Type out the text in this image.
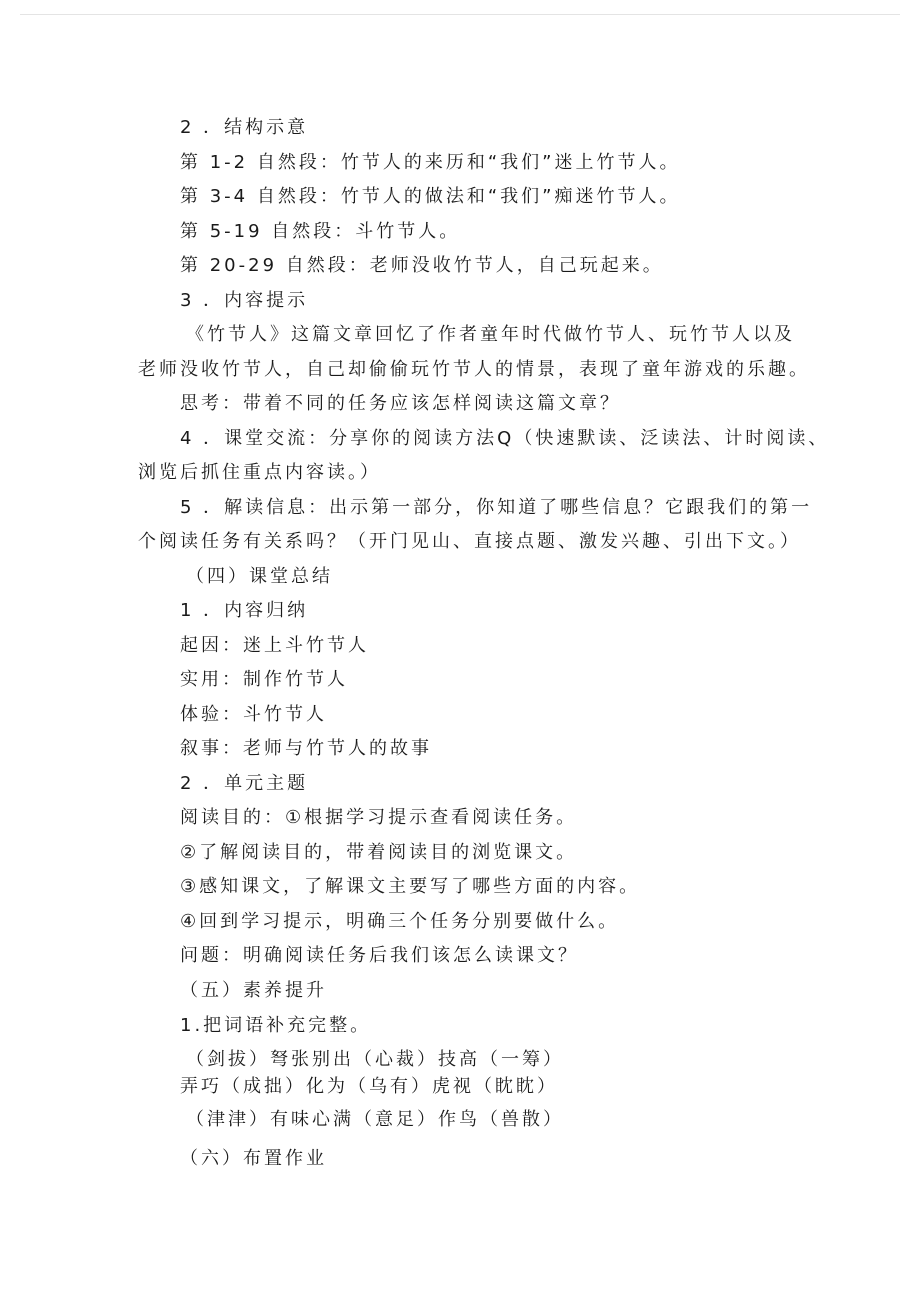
2 ．结构示意
第 1-2 自然段：竹节人的来历和“我们”迷上竹节人。
第 3-4 自然段：竹节人的做法和“我们”痴迷竹节人。
第 5-19 自然段：斗竹节人。
第 20-29 自然段：老师没收竹节人，自己玩起来。
3 ．内容提示
《竹节人》这篇文章回忆了作者童年时代做竹节人、玩竹节人以及
老师没收竹节人，自己却偷偷玩竹节人的情景，表现了童年游戏的乐趣。
思考：带着不同的任务应该怎样阅读这篇文章？
4 ．课堂交流：分享你的阅读方法Q（快速默读、泛读法、计时阅读、
浏览后抓住重点内容读。）
5 ．解读信息：出示第一部分，你知道了哪些信息？它跟我们的第一
个阅读任务有关系吗？（开门见山、直接点题、激发兴趣、引出下文。）
（四）课堂总结
1 ．内容归纳
起因：迷上斗竹节人
实用：制作竹节人
体验：斗竹节人
叙事：老师与竹节人的故事
2 ．单元主题
阅读目的：①根据学习提示查看阅读任务。
②了解阅读目的，带着阅读目的浏览课文。
③感知课文，了解课文主要写了哪些方面的内容。
④回到学习提示，明确三个任务分别要做什么。
问题：明确阅读任务后我们该怎么读课文？
（五）素养提升
1.把词语补充完整。
（剑拔）弩张别出（心裁）技高（一筹）
弄巧（成拙）化为（乌有）虎视（眈眈）
（津津）有味心满（意足）作鸟（兽散）
（六）布置作业
